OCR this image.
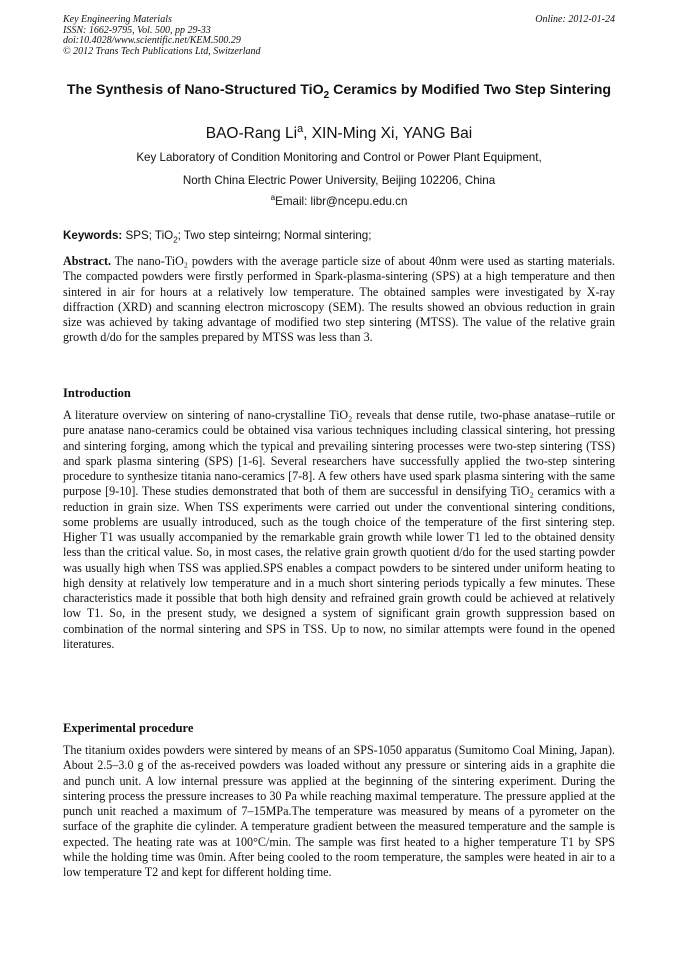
Key Engineering Materials
ISSN: 1662-9795, Vol. 500, pp 29-33
doi:10.4028/www.scientific.net/KEM.500.29
© 2012 Trans Tech Publications Ltd, Switzerland
Online: 2012-01-24
The Synthesis of Nano-Structured TiO$_2$ Ceramics by Modified Two Step Sintering
BAO-Rang Li$^a$, XIN-Ming Xi, YANG Bai
Key Laboratory of Condition Monitoring and Control or Power Plant Equipment,
North China Electric Power University, Beijing 102206, China
$^a$Email: libr@ncepu.edu.cn
Keywords: SPS; TiO$_2$; Two step sinteirng; Normal sintering;
Abstract. The nano-TiO₂ powders with the average particle size of about 40nm were used as starting materials. The compacted powders were firstly performed in Spark-plasma-sintering (SPS) at a high temperature and then sintered in air for hours at a relatively low temperature. The obtained samples were investigated by X-ray diffraction (XRD) and scanning electron microscopy (SEM). The results showed an obvious reduction in grain size was achieved by taking advantage of modified two step sintering (MTSS). The value of the relative grain growth d/do for the samples prepared by MTSS was less than 3.
Introduction
A literature overview on sintering of nano-crystalline TiO₂ reveals that dense rutile, two-phase anatase–rutile or pure anatase nano-ceramics could be obtained visa various techniques including classical sintering, hot pressing and sintering forging, among which the typical and prevailing sintering processes were two-step sintering (TSS) and spark plasma sintering (SPS) [1-6]. Several researchers have successfully applied the two-step sintering procedure to synthesize titania nano-ceramics [7-8]. A few others have used spark plasma sintering with the same purpose [9-10]. These studies demonstrated that both of them are successful in densifying TiO₂ ceramics with a reduction in grain size. When TSS experiments were carried out under the conventional sintering conditions, some problems are usually introduced, such as the tough choice of the temperature of the first sintering step. Higher T1 was usually accompanied by the remarkable grain growth while lower T1 led to the obtained density less than the critical value. So, in most cases, the relative grain growth quotient d/do for the used starting powder was usually high when TSS was applied.SPS enables a compact powders to be sintered under uniform heating to high density at relatively low temperature and in a much short sintering periods typically a few minutes. These characteristics made it possible that both high density and refrained grain growth could be achieved at relatively low T1. So, in the present study, we designed a system of significant grain growth suppression based on combination of the normal sintering and SPS in TSS. Up to now, no similar attempts were found in the opened literatures.
Experimental procedure
The titanium oxides powders were sintered by means of an SPS-1050 apparatus (Sumitomo Coal Mining, Japan). About 2.5–3.0 g of the as-received powders was loaded without any pressure or sintering aids in a graphite die and punch unit. A low internal pressure was applied at the beginning of the sintering experiment. During the sintering process the pressure increases to 30 Pa while reaching maximal temperature. The pressure applied at the punch unit reached a maximum of 7–15MPa.The temperature was measured by means of a pyrometer on the surface of the graphite die cylinder. A temperature gradient between the measured temperature and the sample is expected. The heating rate was at 100°C/min. The sample was first heated to a higher temperature T1 by SPS while the holding time was 0min. After being cooled to the room temperature, the samples were heated in air to a low temperature T2 and kept for different holding time.
